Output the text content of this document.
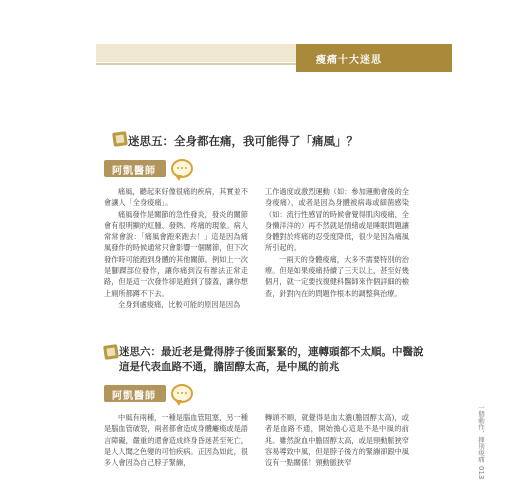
瘦痛十大迷思
一個動作，揮別痠痛
013
迷思五：全身都在痛，我可能得了「痛風」？
阿凱醫師說

痛風，聽起來好像很痛的疾病，其實並不會讓人「全身痠痛」。

痛風發作是關節的急性發炎，發炎的關節會有很明顯的紅腫、發熱、疼痛的現象。病人常常會說：「痛風會跑來跑去！」這是因為痛風發作的時候通常只會影響一個關節，但下次發作時可能跑到身體的其他關節。例如上一次是腳踝部位發作，讓你痛到沒有辦法正常走路，但是這一次發作卻是跑到了膝蓋，讓你想上廁所都蹲不下去。

全身到處痠痛，比較可能的原因是因為

工作過度或激烈運動（如：參加運動會後的全身痠痛），或者是因為身體被病毒或細菌感染（如：流行性感冒的時候會覺得肌肉痠痛，全身懶洋洋的）再不然就是情緒或是睡眠問題讓身體對於疼痛的忍受度降低，很少是因為痛風所引起的。

一兩天的身體痠痛，大多不需要特別的治療。但是如果痠痛持續了三天以上，甚至好幾個月，就一定要找復健科醫師來作個詳細的檢查，針對內在的問題作根本的調整與治療。

迷思六：最近老是覺得脖子後面緊緊的，連轉頭都不太順。中醫說
這是代表血路不通，膽固醇太高，是中風的前兆
阿凱醫師說

中風有兩種，一種是腦血管阻塞，另一種是腦血管破裂，兩者都會造成身體癱瘓或是語言障礙，嚴重的還會造成終身昏迷甚至死亡，是人人聞之色變的可怕疾病。正因為如此，很多人會因為自己脖子緊繃，

轉頭不順，就覺得是血太濃(膽固醇太高)，或者是血路不通，開始擔心這是不是中風的前兆。雖然說血中膽固醇太高，或是頸動脈狹窄容易導致中風，但是脖子後方的緊繃卻跟中風沒有一點關係！頸動脈狹窄
